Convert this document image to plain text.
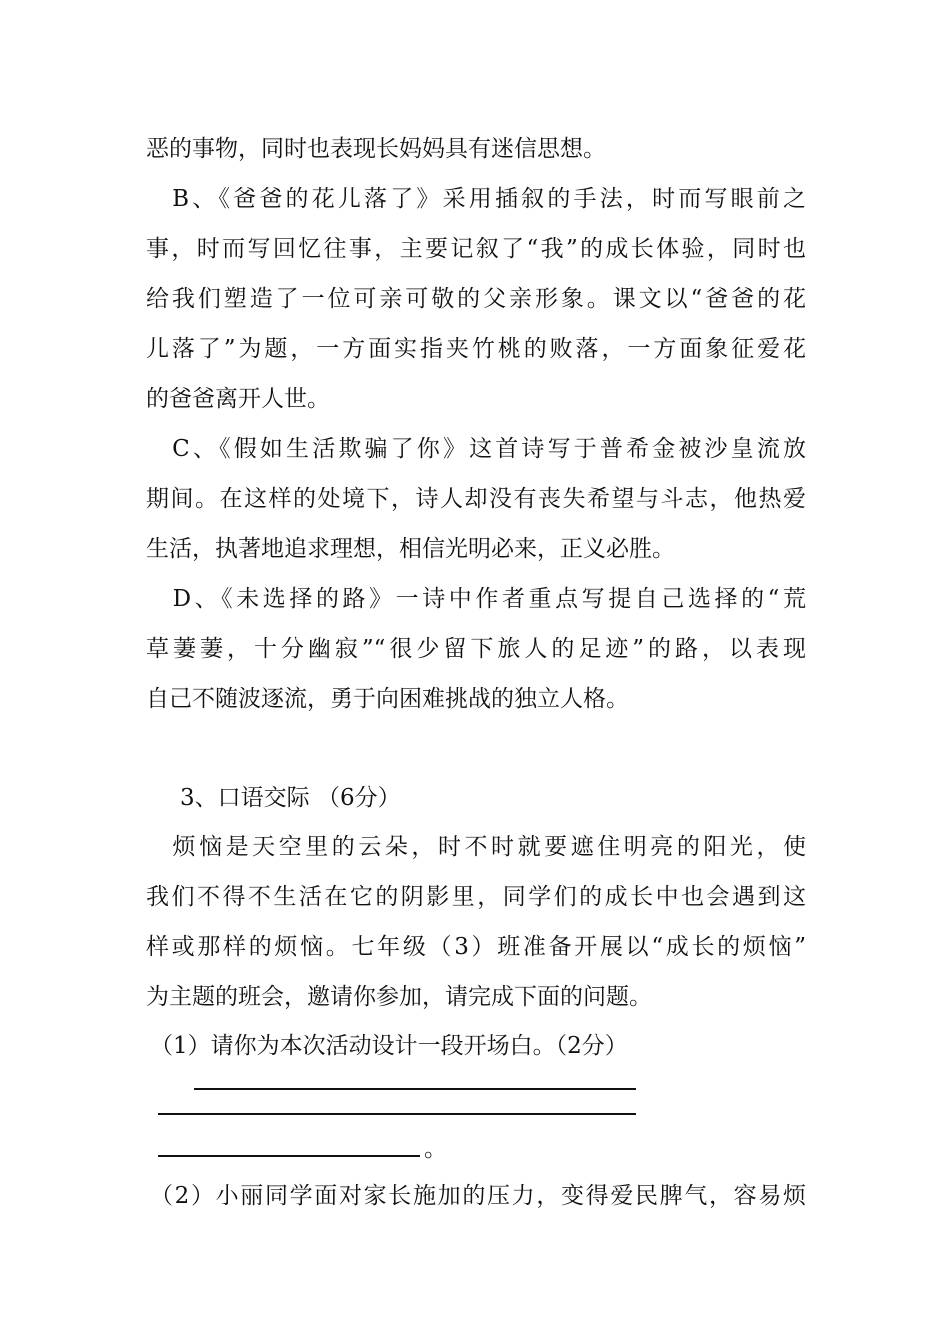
恶的事物，同时也表现长妈妈具有迷信思想。
　B、《爸爸的花儿落了》采用插叙的手法，时而写眼前之
事，时而写回忆往事，主要记叙了“我”的成长体验，同时也
给我们塑造了一位可亲可敬的父亲形象。课文以“爸爸的花
儿落了”为题，一方面实指夹竹桃的败落，一方面象征爱花
的爸爸离开人世。
　C、《假如生活欺骗了你》这首诗写于普希金被沙皇流放
期间。在这样的处境下，诗人却没有丧失希望与斗志，他热爱
生活，执著地追求理想，相信光明必来，正义必胜。
　D、《未选择的路》一诗中作者重点写提自己选择的“荒
草萋萋，十分幽寂”“很少留下旅人的足迹”的路，以表现
自己不随波逐流，勇于向困难挑战的独立人格。
3、口语交际 （6分）
　烦恼是天空里的云朵，时不时就要遮住明亮的阳光，使
我们不得不生活在它的阴影里，同学们的成长中也会遇到这
样或那样的烦恼。七年级（3）班准备开展以“成长的烦恼”
为主题的班会，邀请你参加，请完成下面的问题。
（1）请你为本次活动设计一段开场白。（2分）
。
（2）小丽同学面对家长施加的压力，变得爱民脾气，容易烦
